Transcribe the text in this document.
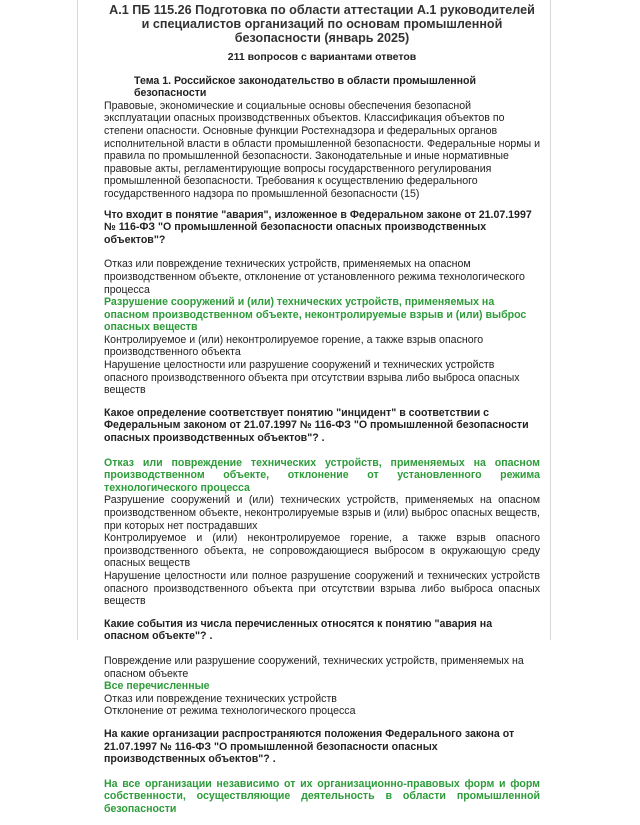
А.1 ПБ 115.26 Подготовка по области аттестации А.1 руководителей и специалистов организаций по основам промышленной безопасности (январь 2025)
211 вопросов с вариантами ответов
Тема 1. Российское законодательство в области промышленной безопасности
Правовые, экономические и социальные основы обеспечения безопасной эксплуатации опасных производственных объектов. Классификация объектов по степени опасности. Основные функции Ростехнадзора и федеральных органов исполнительной власти в области промышленной безопасности. Федеральные нормы и правила по промышленной безопасности. Законодательные и иные нормативные правовые акты, регламентирующие вопросы государственного регулирования промышленной безопасности. Требования к осуществлению федерального государственного надзора по промышленной безопасности (15)
Что входит в понятие "авария", изложенное в Федеральном законе от 21.07.1997 № 116-ФЗ "О промышленной безопасности опасных производственных объектов"?
Отказ или повреждение технических устройств, применяемых на опасном производственном объекте, отклонение от установленного режима технологического процесса
Разрушение сооружений и (или) технических устройств, применяемых на опасном производственном объекте, неконтролируемые взрыв и (или) выброс опасных веществ
Контролируемое и (или) неконтролируемое горение, а также взрыв опасного производственного объекта
Нарушение целостности или разрушение сооружений и технических устройств опасного производственного объекта при отсутствии взрыва либо выброса опасных веществ
Какое определение соответствует понятию "инцидент" в соответствии с Федеральным законом от 21.07.1997 № 116-ФЗ "О промышленной безопасности опасных производственных объектов"? .
Отказ или повреждение технических устройств, применяемых на опасном производственном объекте, отклонение от установленного режима технологического процесса
Разрушение сооружений и (или) технических устройств, применяемых на опасном производственном объекте, неконтролируемые взрыв и (или) выброс опасных веществ, при которых нет пострадавших
Контролируемое и (или) неконтролируемое горение, а также взрыв опасного производственного объекта, не сопровождающиеся выбросом в окружающую среду опасных веществ
Нарушение целостности или полное разрушение сооружений и технических устройств опасного производственного объекта при отсутствии взрыва либо выброса опасных веществ
Какие события из числа перечисленных относятся к понятию "авария на опасном объекте"? .
Повреждение или разрушение сооружений, технических устройств, применяемых на опасном объекте
Все перечисленные
Отказ или повреждение технических устройств
Отклонение от режима технологического процесса
На какие организации распространяются положения Федерального закона от 21.07.1997 № 116-ФЗ "О промышленной безопасности опасных производственных объектов"? .
На все организации независимо от их организационно-правовых форм и форм собственности, осуществляющие деятельность в области промышленной безопасности
